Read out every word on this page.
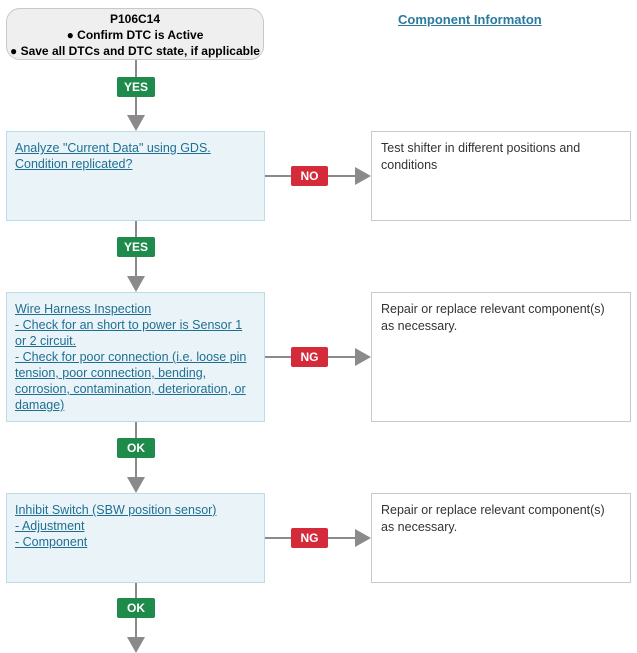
P106C14
● Confirm DTC is Active
● Save all DTCs and DTC state, if applicable
Component Informaton
YES
Analyze "Current Data" using GDS.
Condition replicated?
NO
Test shifter in different positions and conditions
YES
Wire Harness Inspection
- Check for an short to power is Sensor 1 or 2 circuit.
- Check for poor connection (i.e. loose pin tension, poor connection, bending, corrosion, contamination, deterioration, or damage)
NG
Repair or replace relevant component(s) as necessary.
OK
Inhibit Switch (SBW position sensor)
- Adjustment
- Component	NG
Repair or replace relevant component(s) as necessary.
OK
